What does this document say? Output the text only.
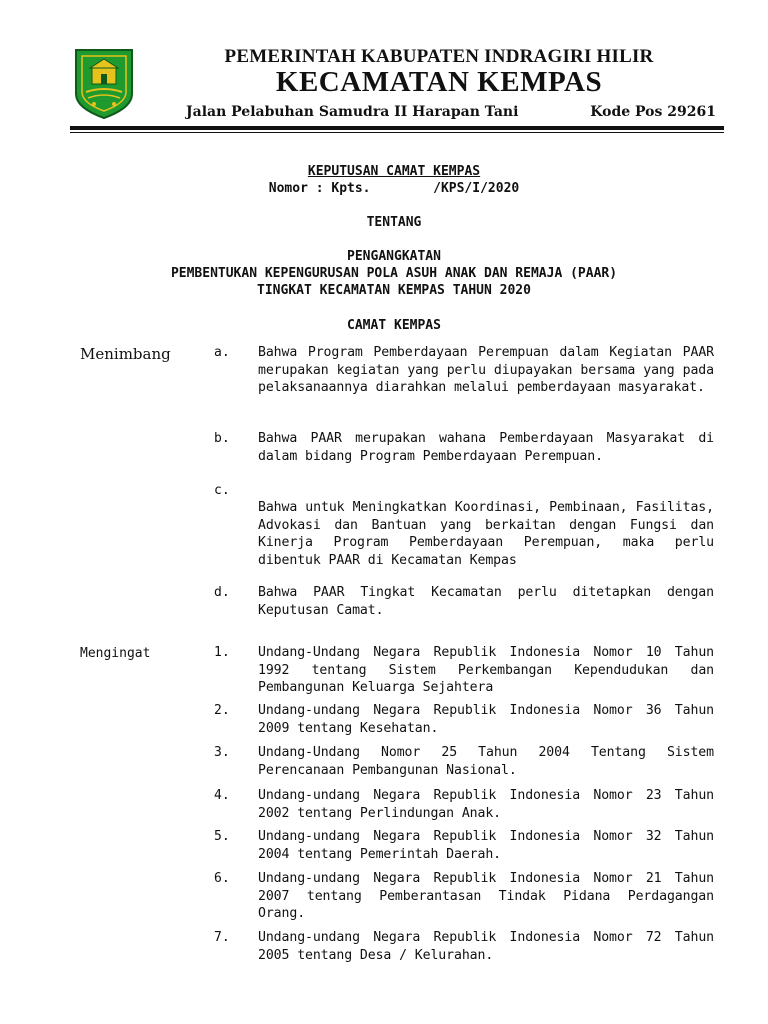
PEMERINTAH KABUPATEN INDRAGIRI HILIR
KECAMATAN KEMPAS
Jalan Pelabuhan Samudra II Harapan Tani	Kode Pos 29261
KEPUTUSAN CAMAT KEMPAS
Nomor : Kpts.        /KPS/I/2020
TENTANG
PENGANGKATAN
PEMBENTUKAN KEPENGURUSAN POLA ASUH ANAK DAN REMAJA (PAAR)
TINGKAT KECAMATAN KEMPAS TAHUN 2020
CAMAT KEMPAS
Menimbang	a. Bahwa Program Pemberdayaan Perempuan dalam Kegiatan PAAR merupakan kegiatan yang perlu diupayakan bersama yang pada pelaksanaannya diarahkan melalui pemberdayaan masyarakat.
b. Bahwa PAAR merupakan wahana Pemberdayaan Masyarakat di dalam bidang Program Pemberdayaan Perempuan.
c.
Bahwa untuk Meningkatkan Koordinasi, Pembinaan, Fasilitas, Advokasi dan Bantuan yang berkaitan dengan Fungsi dan Kinerja Program Pemberdayaan Perempuan, maka perlu dibentuk PAAR di Kecamatan Kempas
d. Bahwa PAAR Tingkat Kecamatan perlu ditetapkan dengan Keputusan Camat.
Mengingat	1. Undang-Undang Negara Republik Indonesia Nomor 10 Tahun 1992 tentang Sistem Perkembangan Kependudukan dan Pembangunan Keluarga Sejahtera
2. Undang-undang Negara Republik Indonesia Nomor 36 Tahun 2009 tentang Kesehatan.
3. Undang-Undang Nomor 25 Tahun 2004 Tentang Sistem Perencanaan Pembangunan Nasional.
4. Undang-undang Negara Republik Indonesia Nomor 23 Tahun 2002 tentang Perlindungan Anak.
5. Undang-undang Negara Republik Indonesia Nomor 32 Tahun 2004 tentang Pemerintah Daerah.
6. Undang-undang Negara Republik Indonesia Nomor 21 Tahun 2007 tentang Pemberantasan Tindak Pidana Perdagangan Orang.
7. Undang-undang Negara Republik Indonesia Nomor 72 Tahun 2005 tentang Desa / Kelurahan.
